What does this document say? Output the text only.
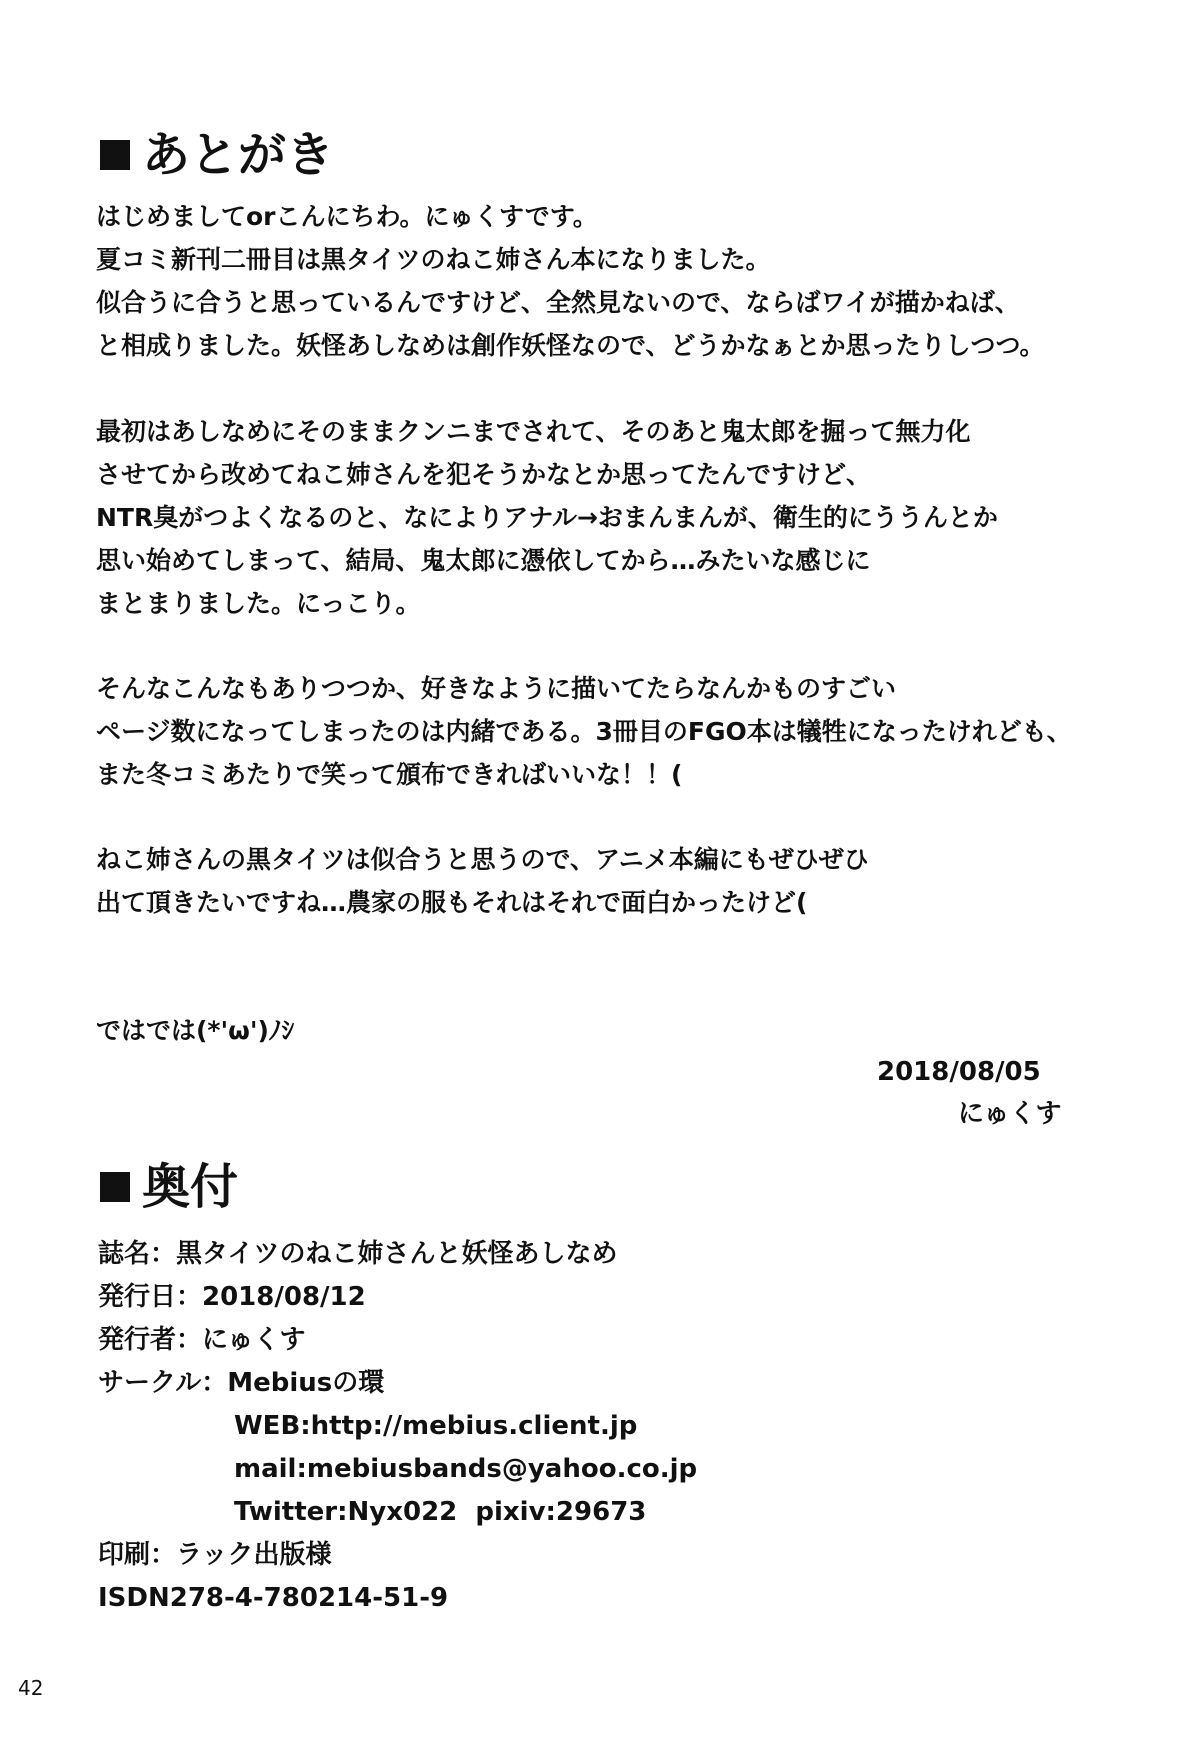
あとがき
はじめましてorこんにちわ。にゅくすです。
夏コミ新刊二冊目は黒タイツのねこ姉さん本になりました。
似合うに合うと思っているんですけど、全然見ないので、ならばワイが描かねば、
と相成りました。妖怪あしなめは創作妖怪なので、どうかなぁとか思ったりしつつ。
最初はあしなめにそのままクンニまでされて、そのあと鬼太郎を掘って無力化
させてから改めてねこ姉さんを犯そうかなとか思ってたんですけど、
NTR臭がつよくなるのと、なによりアナル→おまんまんが、衛生的にううんとか
思い始めてしまって、結局、鬼太郎に憑依してから…みたいな感じに
まとまりました。にっこり。
そんなこんなもありつつか、好きなように描いてたらなんかものすごい
ページ数になってしまったのは内緒である。3冊目のFGO本は犠牲になったけれども、
また冬コミあたりで笑って頒布できればいいな！！(
ねこ姉さんの黒タイツは似合うと思うので、アニメ本編にもぜひぜひ
出て頂きたいですね…農家の服もそれはそれで面白かったけど(
ではでは(*'ω')ﾉｼ
2018/08/05
にゅくす
奥付
誌名：黒タイツのねこ姉さんと妖怪あしなめ
発行日：2018/08/12
発行者：にゅくす
サークル：Mebiusの環
WEB:http://mebius.client.jp
mail:mebiusbands@yahoo.co.jp
Twitter:Nyx022  pixiv:29673
印刷：ラック出版様
ISDN278-4-780214-51-9
42
